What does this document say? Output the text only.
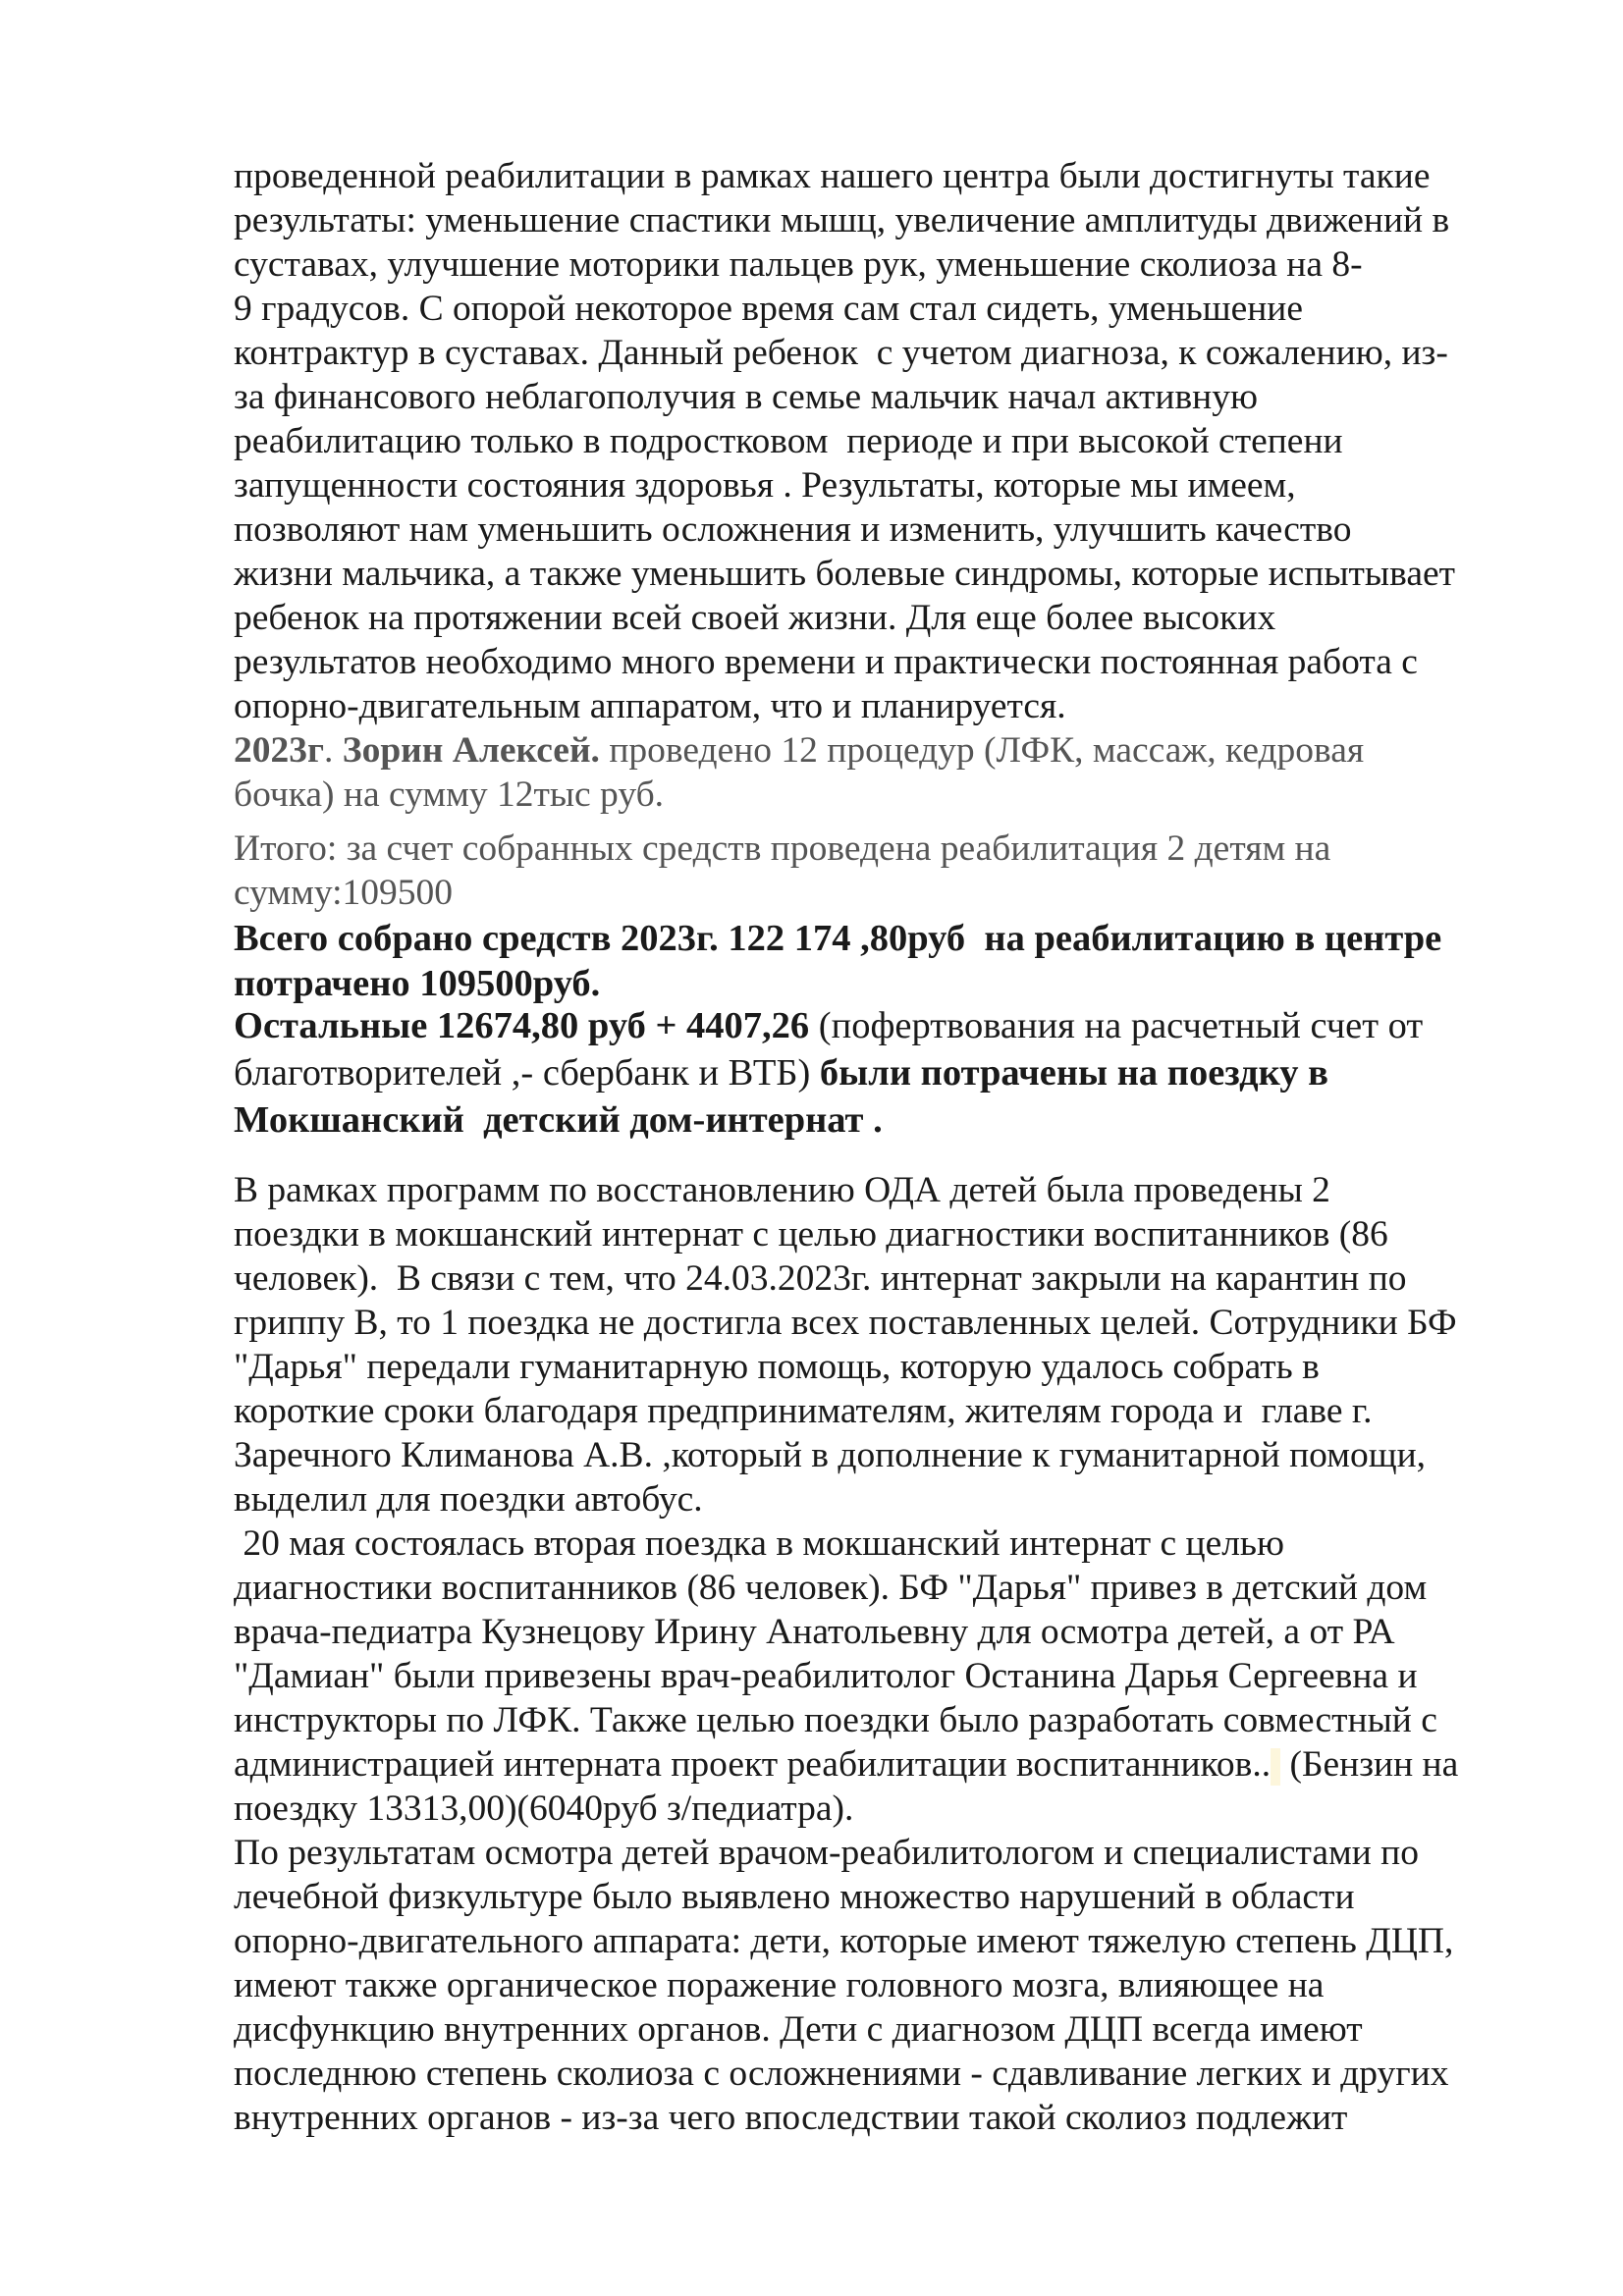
проведенной реабилитации в рамках нашего центра были достигнуты такие

результаты: уменьшение спастики мышц, увеличение амплитуды движений в

суставах, улучшение моторики пальцев рук, уменьшение сколиоза на 8-

9 градусов. С опорой некоторое время сам стал сидеть, уменьшение

контрактур в суставах. Данный ребенок  с учетом диагноза, к сожалению, из-

за финансового неблагополучия в семье мальчик начал активную

реабилитацию только в подростковом  периоде и при высокой степени

запущенности состояния здоровья . Результаты, которые мы имеем,

позволяют нам уменьшить осложнения и изменить, улучшить качество

жизни мальчика, а также уменьшить болевые синдромы, которые испытывает

ребенок на протяжении всей своей жизни. Для еще более высоких

результатов необходимо много времени и практически постоянная работа с

опорно-двигательным аппаратом, что и планируется.

2023г. Зорин Алексей. проведено 12 процедур (ЛФК, массаж, кедровая

бочка) на сумму 12тыс руб.

Итого: за счет собранных средств проведена реабилитация 2 детям на

сумму:109500

Всего собрано средств 2023г. 122 174 ,80руб  на реабилитацию в центре

потрачено 109500руб.

Остальные 12674,80 руб + 4407,26 (пофертвования на расчетный счет от

благотворителей ,- сбербанк и ВТБ) были потрачены на поездку в

Мокшанский  детский дом-интернат .

В рамках программ по восстановлению ОДА детей была проведены 2

поездки в мокшанский интернат с целью диагностики воспитанников (86

человек).  В связи с тем, что 24.03.2023г. интернат закрыли на карантин по

гриппу В, то 1 поездка не достигла всех поставленных целей. Сотрудники БФ

"Дарья" передали гуманитарную помощь, которую удалось собрать в

короткие сроки благодаря предпринимателям, жителям города и  главе г.

Заречного Климанова А.В. ,который в дополнение к гуманитарной помощи,

выделил для поездки автобус.

20 мая состоялась вторая поездка в мокшанский интернат с целью

диагностики воспитанников (86 человек). БФ "Дарья" привез в детский дом

врача-педиатра Кузнецову Ирину Анатольевну для осмотра детей, а от РА

"Дамиан" были привезены врач-реабилитолог Останина Дарья Сергеевна и

инструкторы по ЛФК. Также целью поездки было разработать совместный с

администрацией интерната проект реабилитации воспитанников.. (Бензин на

поездку 13313,00)(6040руб з/педиатра).

По результатам осмотра детей врачом-реабилитологом и специалистами по

лечебной физкультуре было выявлено множество нарушений в области

опорно-двигательного аппарата: дети, которые имеют тяжелую степень ДЦП,

имеют также органическое поражение головного мозга, влияющее на

дисфункцию внутренних органов. Дети с диагнозом ДЦП всегда имеют

последнюю степень сколиоза с осложнениями - сдавливание легких и других

внутренних органов - из-за чего впоследствии такой сколиоз подлежит
